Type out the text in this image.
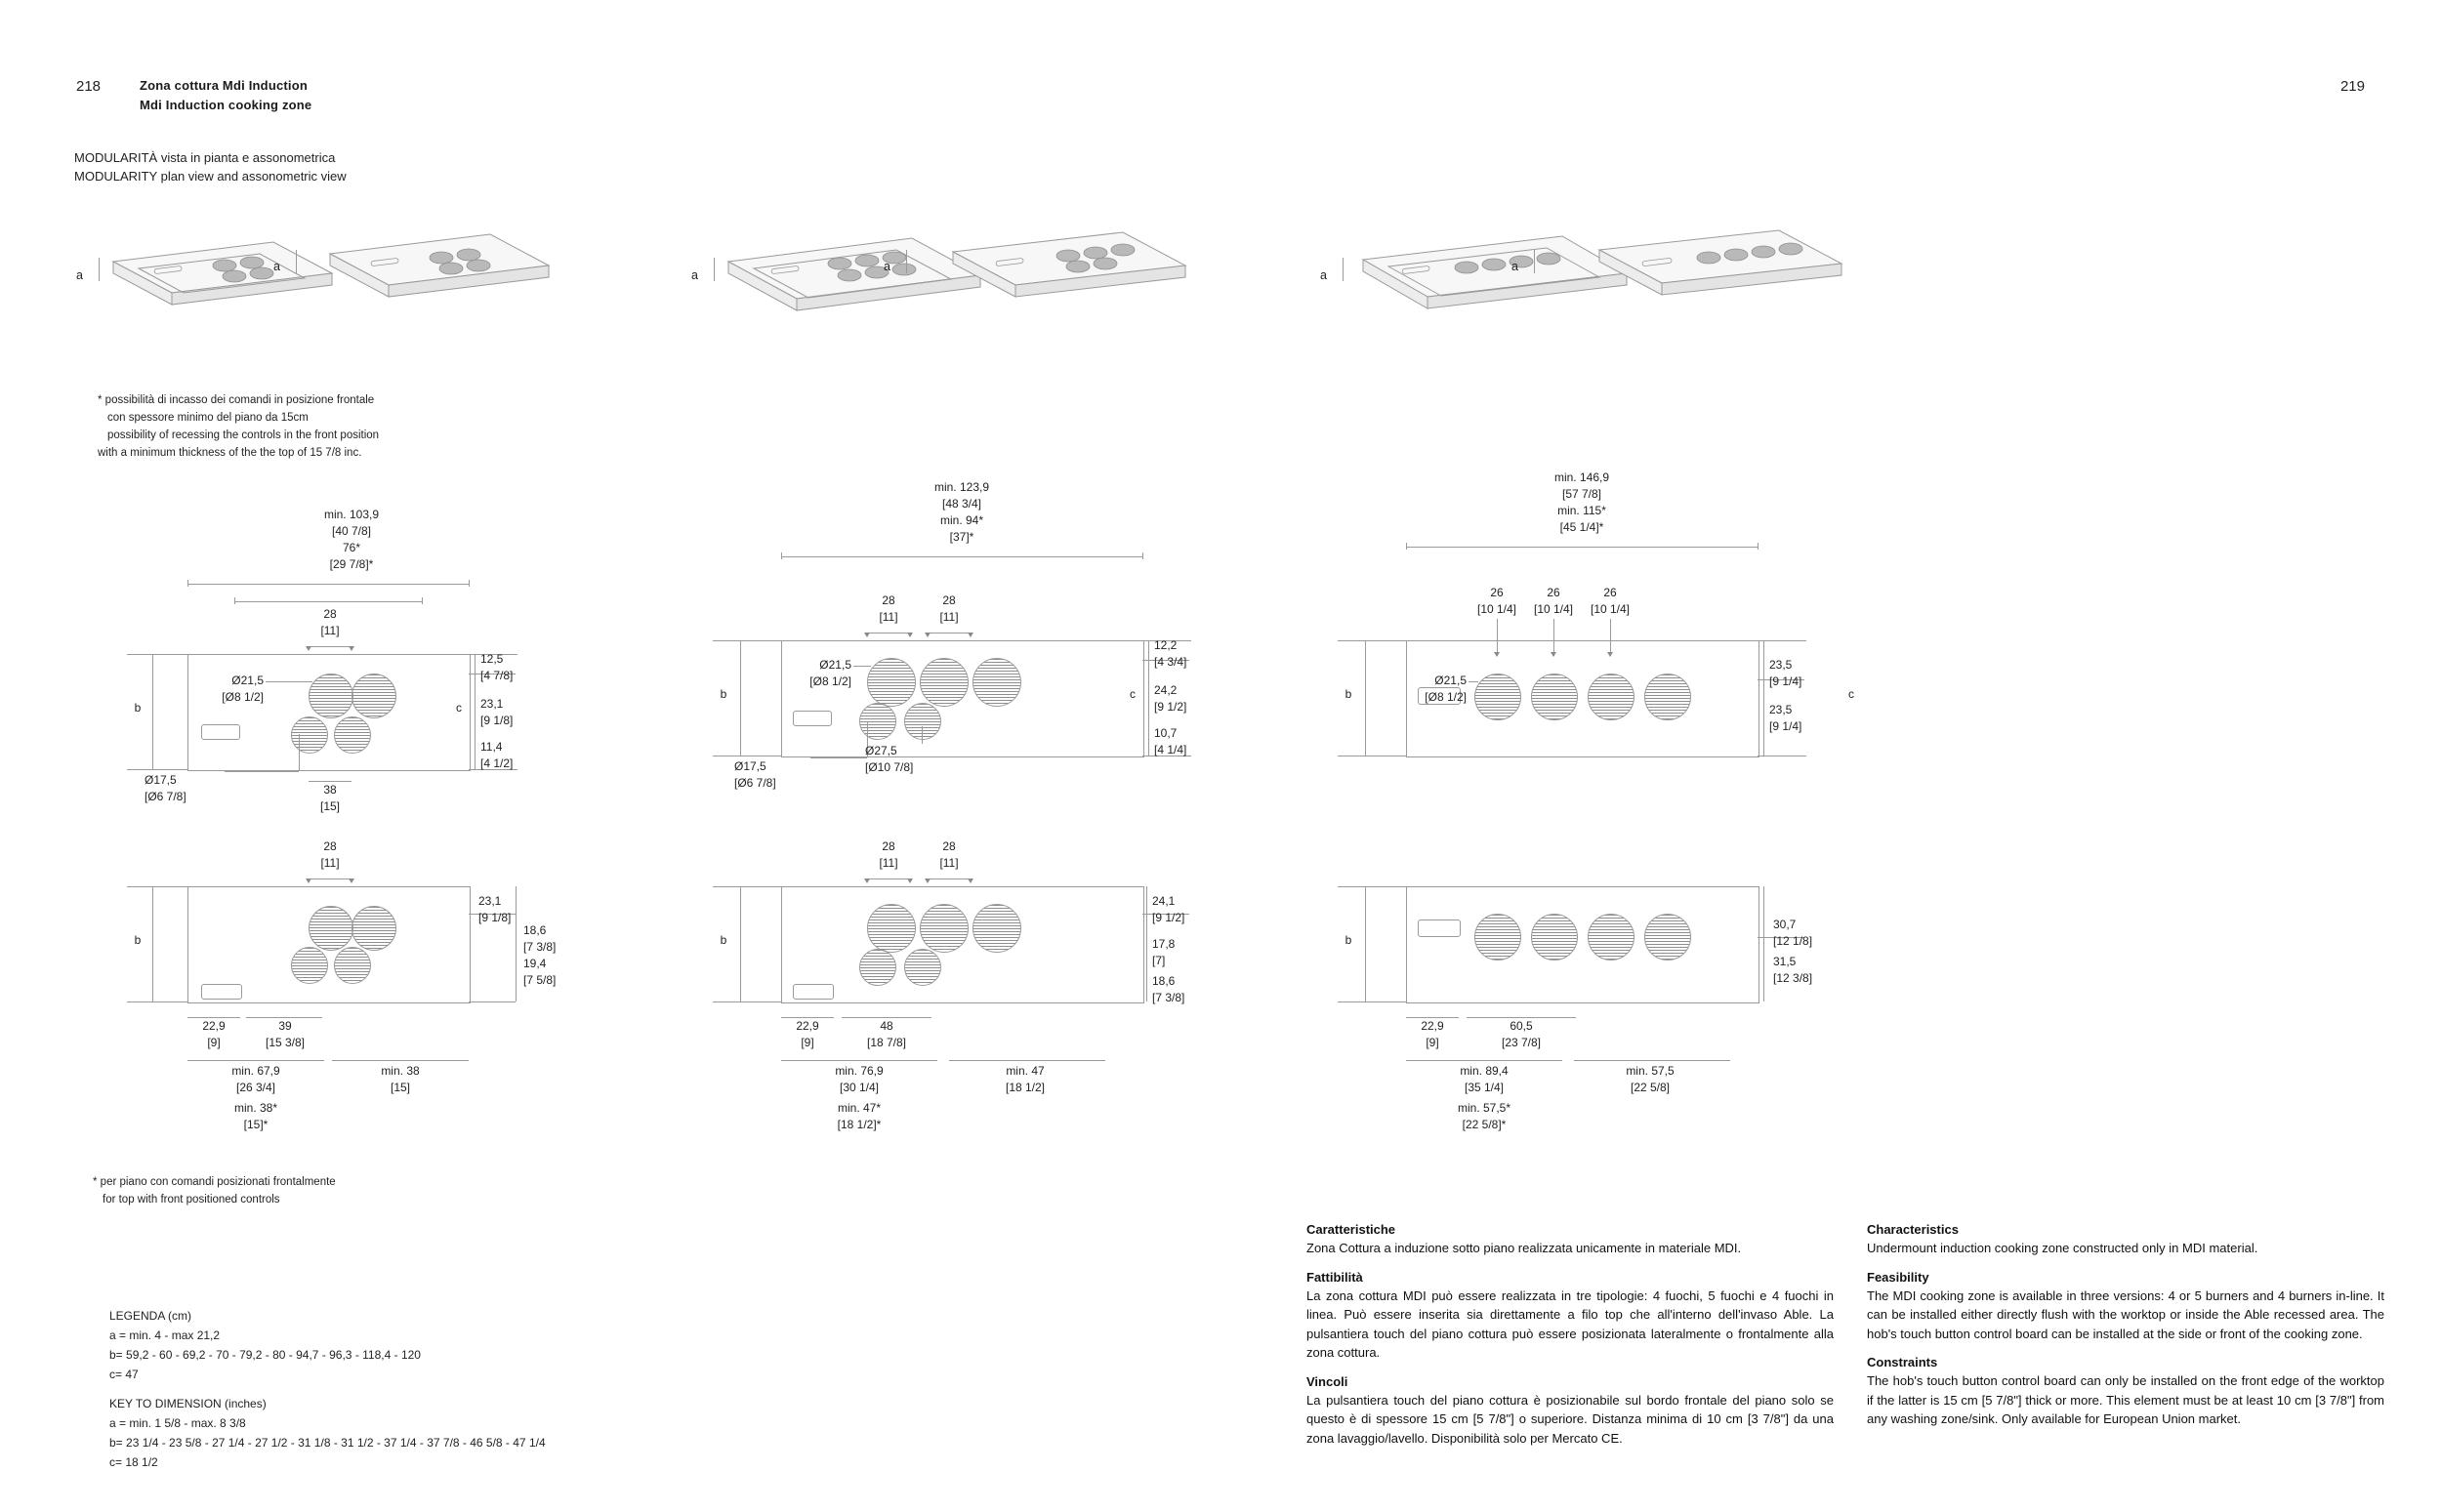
218	Zona cottura Mdi Induction
Mdi Induction cooking zone
219
MODULARITÀ vista in pianta e assonometrica
MODULARITY plan view and assonometric view
a
a
a
a
a
a
* possibilità di incasso dei comandi in posizione frontale
con spessore minimo del piano da 15cm
possibility of recessing the controls in the front position
with a minimum thickness of the the top of 15 7/8 inc.
min. 103,9
[40 7/8]
76*
[29 7/8]*
28
[11]
b
Ø21,5
[Ø8 1/2]
Ø17,5
[Ø6 7/8]
12,5
[4 7/8]
23,1
[9 1/8]
11,4
[4 1/2]
c
38
[15]
min. 123,9
[48 3/4]
min. 94*
[37]*
28
[11]
28
[11]
b
Ø21,5
[Ø8 1/2]
Ø17,5
[Ø6 7/8]
Ø27,5
[Ø10 7/8]
12,2
[4 3/4]
24,2
[9 1/2]
10,7
[4 1/4]
c
min. 146,9
[57 7/8]
min. 115*
[45 1/4]*
26
[10 1/4]
26
[10 1/4]
26
[10 1/4]
b
Ø21,5
[Ø8 1/2]
23,5
[9 1/4]
23,5
[9 1/4]
c
28
[11]
b
23,1
[9 1/8]
18,6
[7 3/8]
19,4
[7 5/8]
22,9
[9]
39
[15 3/8]
min. 67,9
[26 3/4]
min. 38
[15]
min. 38*
[15]*
28
[11]
28
[11]
b
24,1
[9 1/2]
17,8
[7]
18,6
[7 3/8]
22,9
[9]
48
[18 7/8]
min. 76,9
[30 1/4]
min. 47
[18 1/2]
min. 47*
[18 1/2]*
b
30,7
[12 1/8]
31,5
[12 3/8]
22,9
[9]
60,5
[23 7/8]
min. 89,4
[35 1/4]
min. 57,5
[22 5/8]
min. 57,5*
[22 5/8]*
* per piano con comandi posizionati frontalmente
for top with front positioned controls
LEGENDA (cm)
a = min. 4 - max 21,2
b= 59,2 - 60 - 69,2 - 70 - 79,2 - 80 - 94,7 - 96,3 - 118,4 - 120
c= 47
KEY TO DIMENSION (inches)
a = min. 1 5/8 - max. 8 3/8
b= 23 1/4 - 23 5/8 - 27 1/4 - 27 1/2 - 31 1/8 - 31 1/2 - 37 1/4 - 37 7/8 - 46 5/8 - 47 1/4
c= 18 1/2
Caratteristiche
Zona Cottura a induzione sotto piano realizzata unicamente in materiale MDI.
Fattibilità
La zona cottura MDI può essere realizzata in tre tipologie: 4 fuochi, 5 fuochi e 4 fuochi in linea. Può essere inserita sia direttamente a filo top che all'interno dell'invaso Able. La pulsantiera touch del piano cottura può essere posizionata lateralmente o frontalmente alla zona cottura.
Vincoli
La pulsantiera touch del piano cottura è posizionabile sul bordo frontale del piano solo se questo è di spessore 15 cm [5 7/8"] o superiore. Distanza minima di 10 cm [3 7/8"] da una zona lavaggio/lavello. Disponibilità solo per Mercato CE.
Characteristics
Undermount induction cooking zone constructed only in MDI material.
Feasibility
The MDI cooking zone is available in three versions: 4 or 5 burners and 4 burners in-line. It can be installed either directly flush with the worktop or inside the Able recessed area. The hob's touch button control board can be installed at the side or front of the cooking zone.
Constraints
The hob's touch button control board can only be installed on the front edge of the worktop if the latter is 15 cm [5 7/8"] thick or more. This element must be at least 10 cm [3 7/8"] from any washing zone/sink. Only available for European Union market.
